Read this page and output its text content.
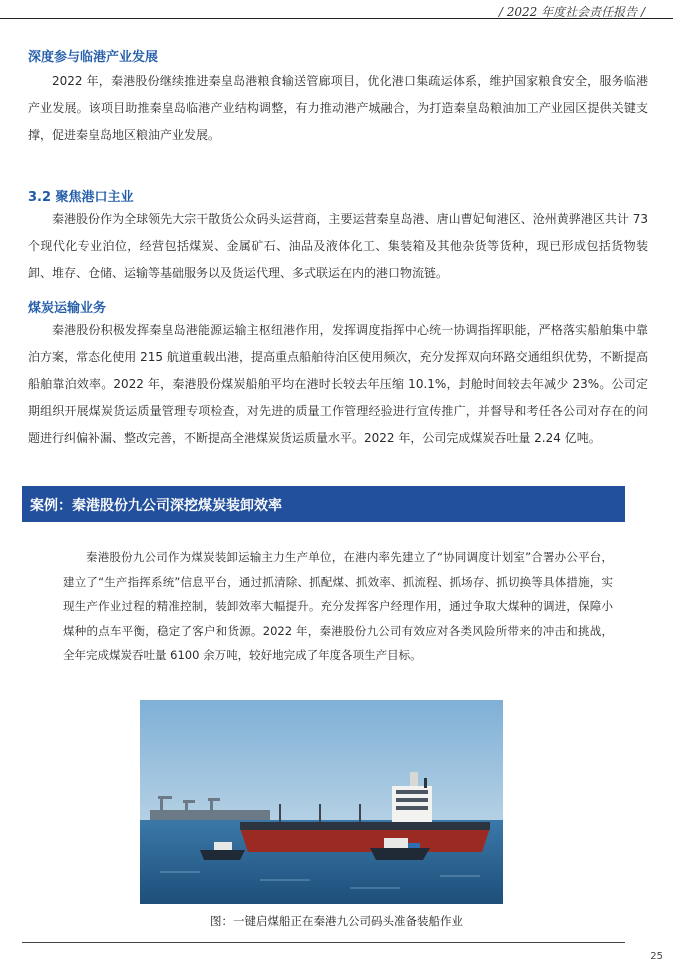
/ 2022 年度社会责任报告 /
深度参与临港产业发展

2022 年，秦港股份继续推进秦皇岛港粮食输送管廊项目，优化港口集疏运体系，维护国家粮食安全，服务临港产业发展。该项目助推秦皇岛临港产业结构调整，有力推动港产城融合，为打造秦皇岛粮油加工产业园区提供关键支撑，促进秦皇岛地区粮油产业发展。

3.2 聚焦港口主业

秦港股份作为全球领先大宗干散货公众码头运营商，主要运营秦皇岛港、唐山曹妃甸港区、沧州黄骅港区共计 73 个现代化专业泊位，经营包括煤炭、金属矿石、油品及液体化工、集装箱及其他杂货等货种，现已形成包括货物装卸、堆存、仓储、运输等基础服务以及货运代理、多式联运在内的港口物流链。

煤炭运输业务

秦港股份积极发挥秦皇岛港能源运输主枢纽港作用，发挥调度指挥中心统一协调指挥职能，严格落实船舶集中靠泊方案，常态化使用 215 航道重载出港，提高重点船舶待泊区使用频次，充分发挥双向环路交通组织优势，不断提高船舶靠泊效率。2022 年，秦港股份煤炭船舶平均在港时长较去年压缩 10.1%，封舱时间较去年减少 23%。公司定期组织开展煤炭货运质量管理专项检查，对先进的质量工作管理经验进行宣传推广，并督导和考任各公司对存在的问题进行纠偏补漏、整改完善，不断提高全港煤炭货运质量水平。2022 年，公司完成煤炭吞吐量 2.24 亿吨。

案例：秦港股份九公司深挖煤炭装卸效率

秦港股份九公司作为煤炭装卸运输主力生产单位，在港内率先建立了“协同调度计划室”合署办公平台，建立了“生产指挥系统”信息平台，通过抓清除、抓配煤、抓效率、抓流程、抓场存、抓切换等具体措施，实现生产作业过程的精准控制，装卸效率大幅提升。充分发挥客户经理作用，通过争取大煤种的调进，保障小煤种的点车平衡，稳定了客户和货源。2022 年，秦港股份九公司有效应对各类风险所带来的冲击和挑战，全年完成煤炭吞吐量 6100 余万吨，较好地完成了年度各项生产目标。

图：一键启煤船正在秦港九公司码头准备装船作业
25
